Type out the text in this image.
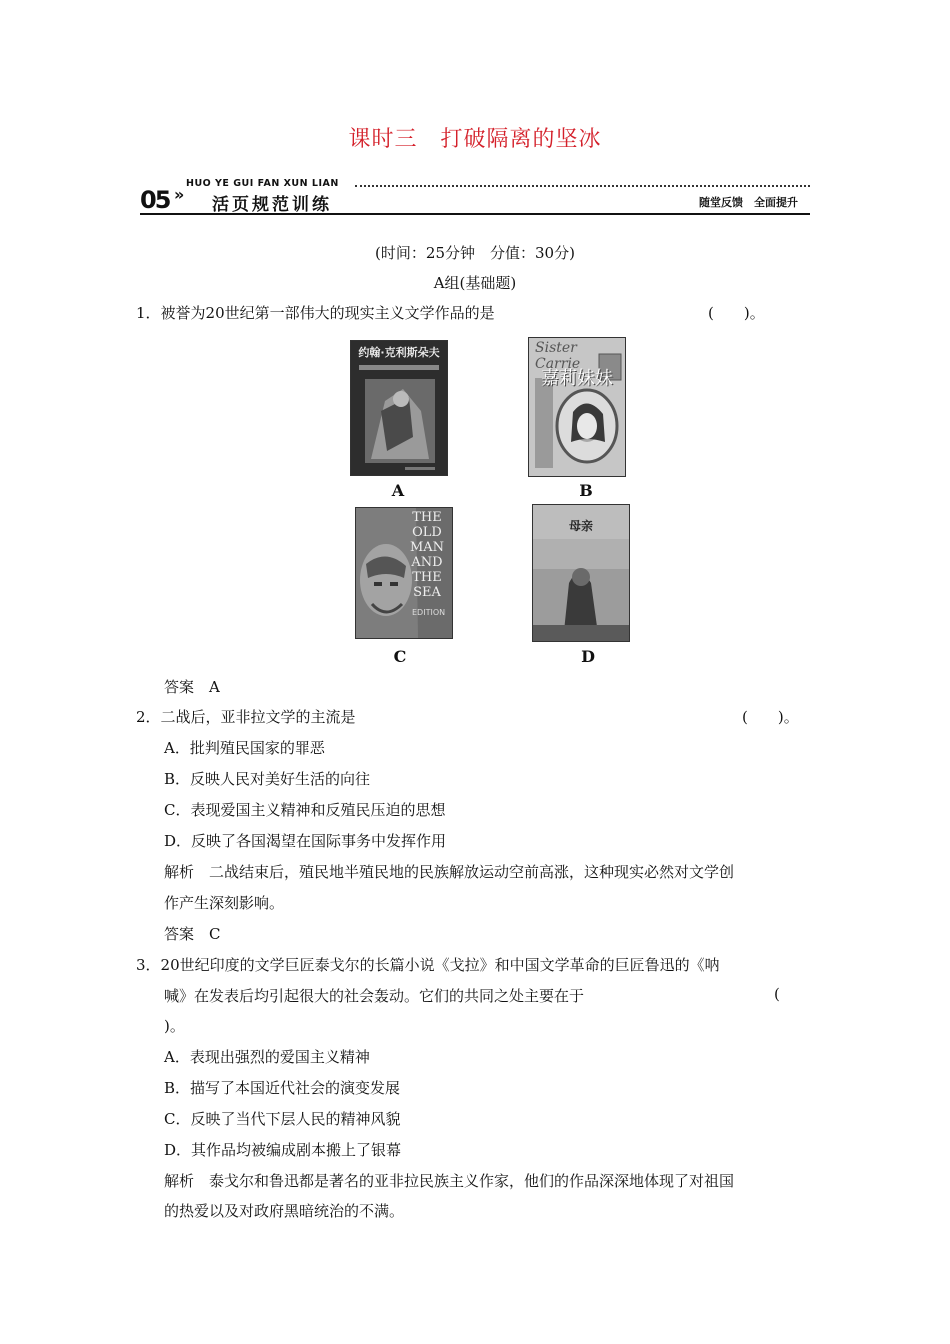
课时三　打破隔离的坚冰
05 »
HUO YE GUI FAN XUN LIAN
活页规范训练	随堂反馈　全面提升
(时间：25分钟　分值：30分)
A组(基础题)
1．被誉为20世纪第一部伟大的现实主义文学作品的是	(　　)。
约翰·克利斯朵夫
A
Sister Carrie
嘉莉妹妹
B
THE OLD MAN AND THE SEA
EDITION
C
母亲
D
答案　A
2．二战后，亚非拉文学的主流是	(　　)。
A．批判殖民国家的罪恶
B．反映人民对美好生活的向往
C．表现爱国主义精神和反殖民压迫的思想
D．反映了各国渴望在国际事务中发挥作用
解析　二战结束后，殖民地半殖民地的民族解放运动空前高涨，这种现实必然对文学创
作产生深刻影响。
答案　C
3．20世纪印度的文学巨匠泰戈尔的长篇小说《戈拉》和中国文学革命的巨匠鲁迅的《呐
喊》在发表后均引起很大的社会轰动。它们的共同之处主要在于	(
)。
A．表现出强烈的爱国主义精神
B．描写了本国近代社会的演变发展
C．反映了当代下层人民的精神风貌
D．其作品均被编成剧本搬上了银幕
解析　泰戈尔和鲁迅都是著名的亚非拉民族主义作家，他们的作品深深地体现了对祖国
的热爱以及对政府黑暗统治的不满。
